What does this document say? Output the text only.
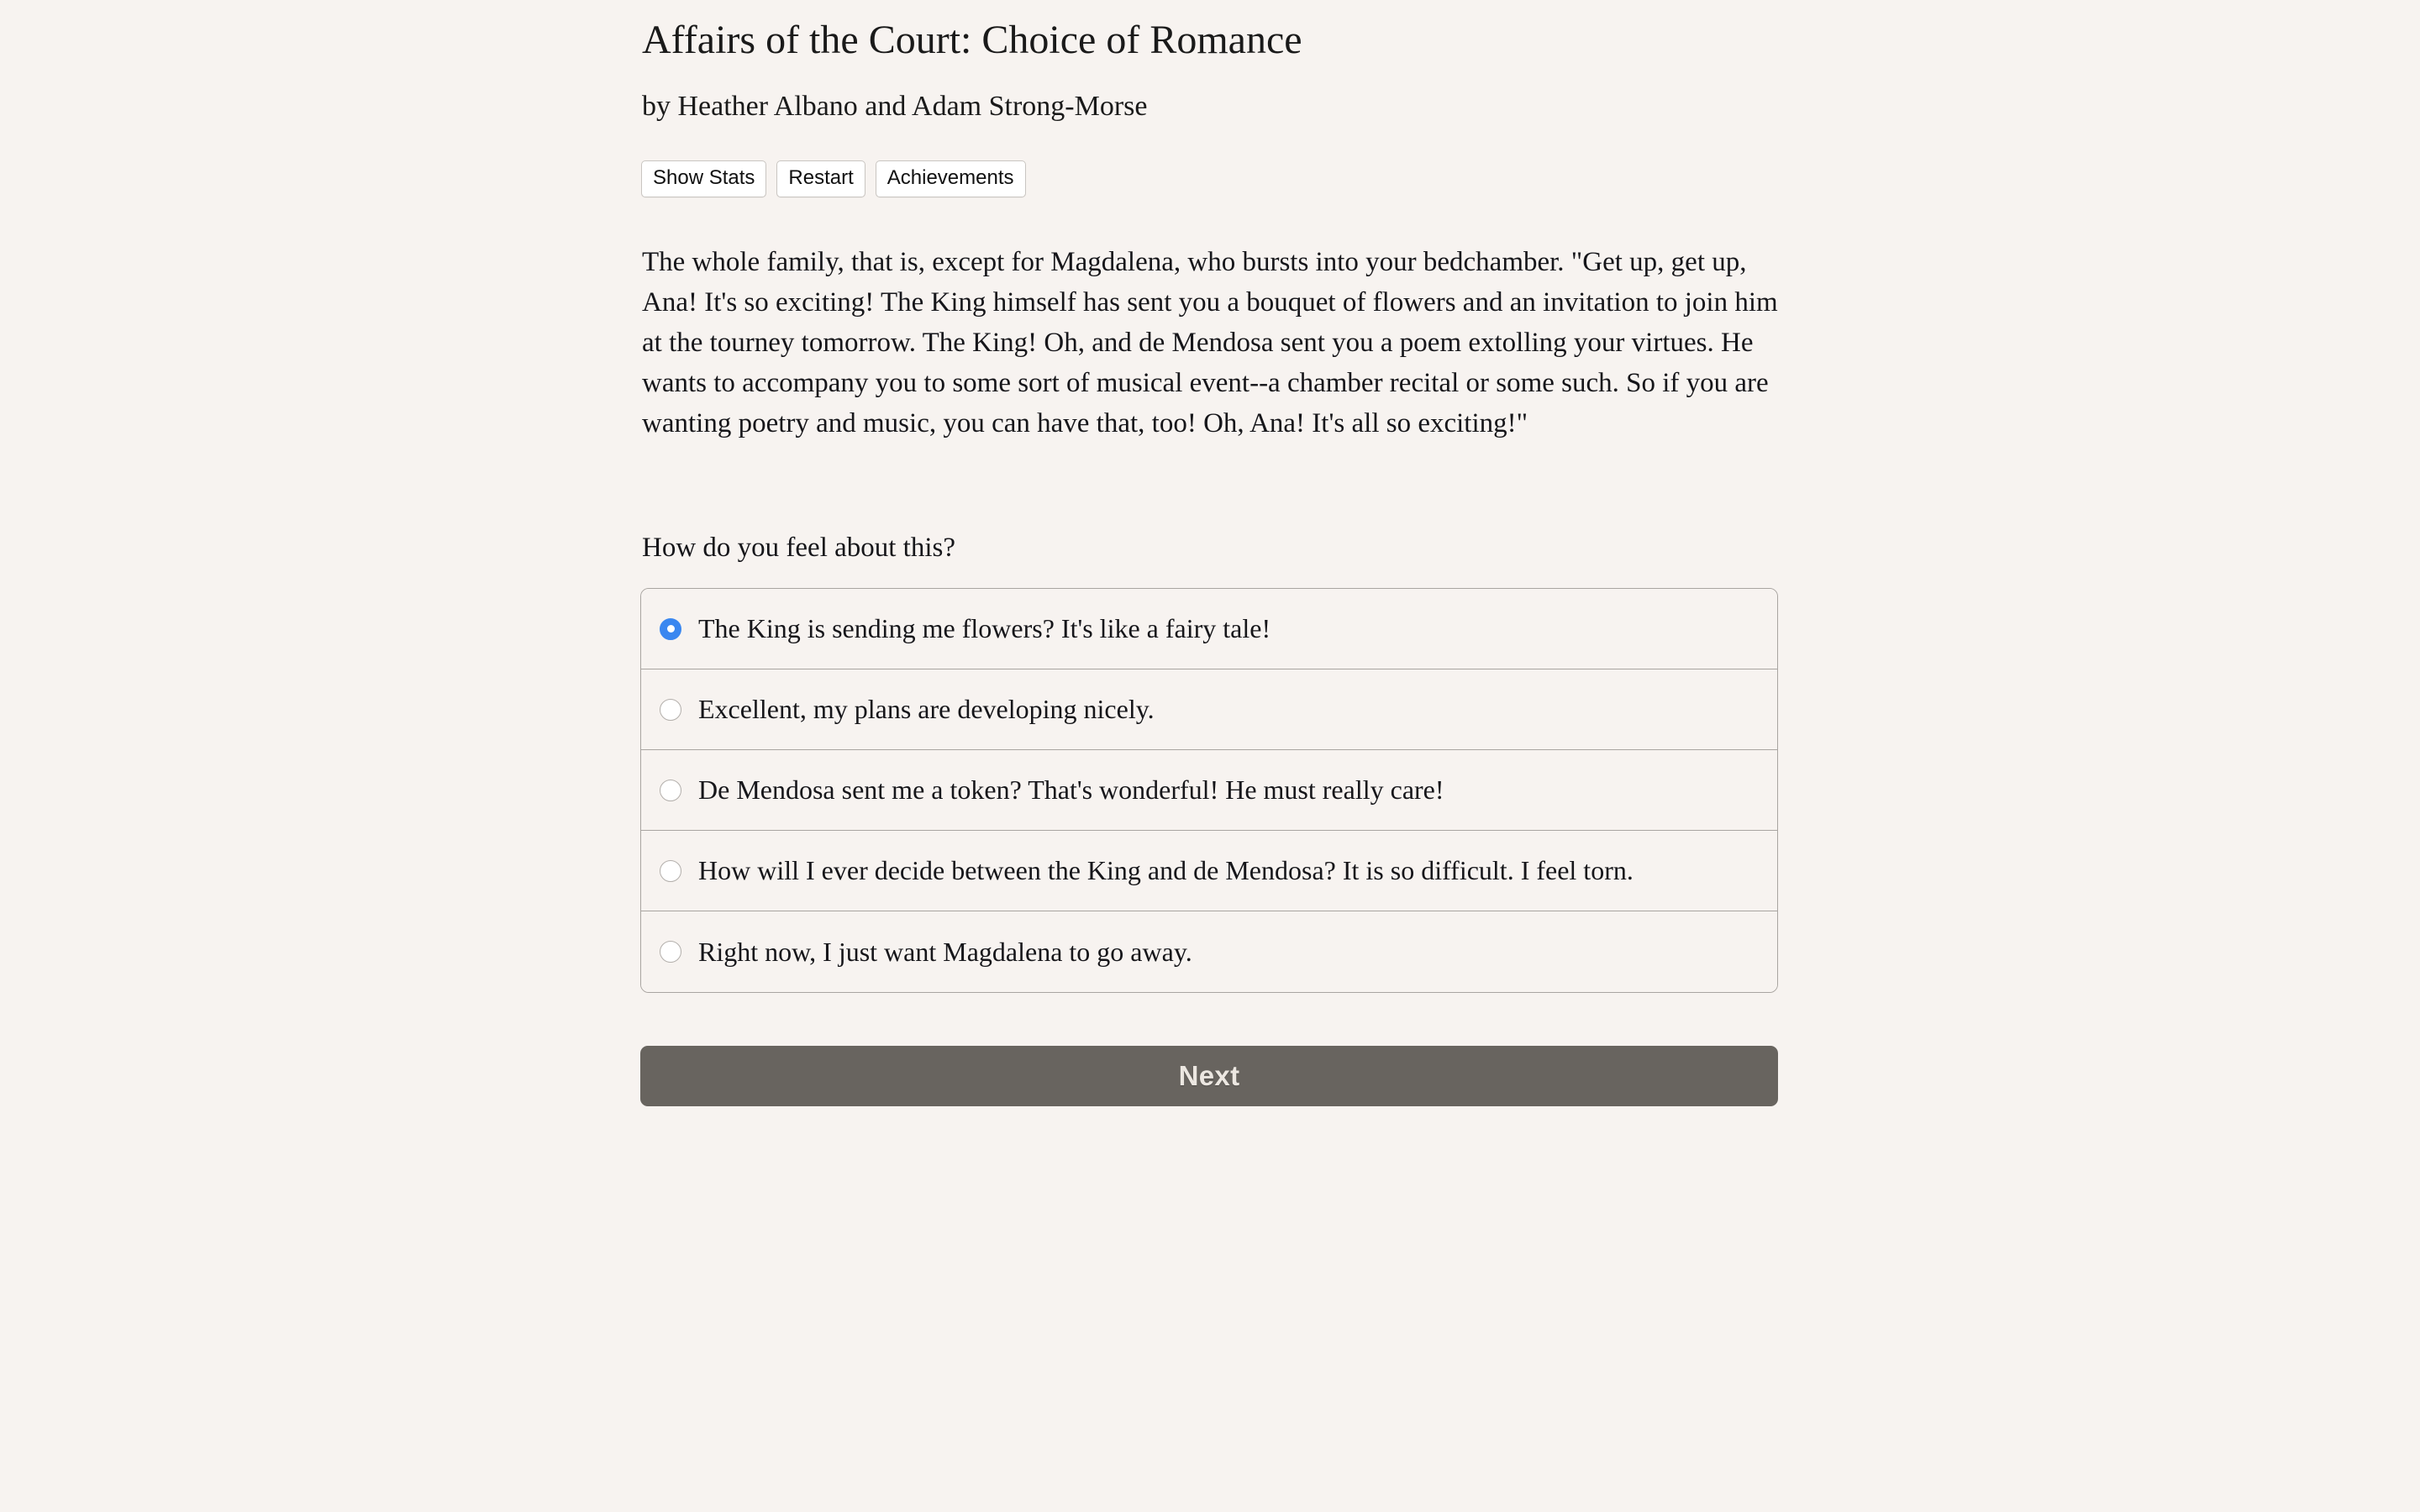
Affairs of the Court: Choice of Romance
by Heather Albano and Adam Strong-Morse
Show Stats	Restart	Achievements

The whole family, that is, except for Magdalena, who bursts into your bedchamber. "Get up, get up, Ana! It's so exciting! The King himself has sent you a bouquet of flowers and an invitation to join him at the tourney tomorrow. The King! Oh, and de Mendosa sent you a poem extolling your virtues. He wants to accompany you to some sort of musical event--a chamber recital or some such. So if you are wanting poetry and music, you can have that, too! Oh, Ana! It's all so exciting!"

How do you feel about this?

The King is sending me flowers? It's like a fairy tale!
Excellent, my plans are developing nicely.
De Mendosa sent me a token? That's wonderful! He must really care!
How will I ever decide between the King and de Mendosa? It is so difficult. I feel torn.
Right now, I just want Magdalena to go away.
Next
